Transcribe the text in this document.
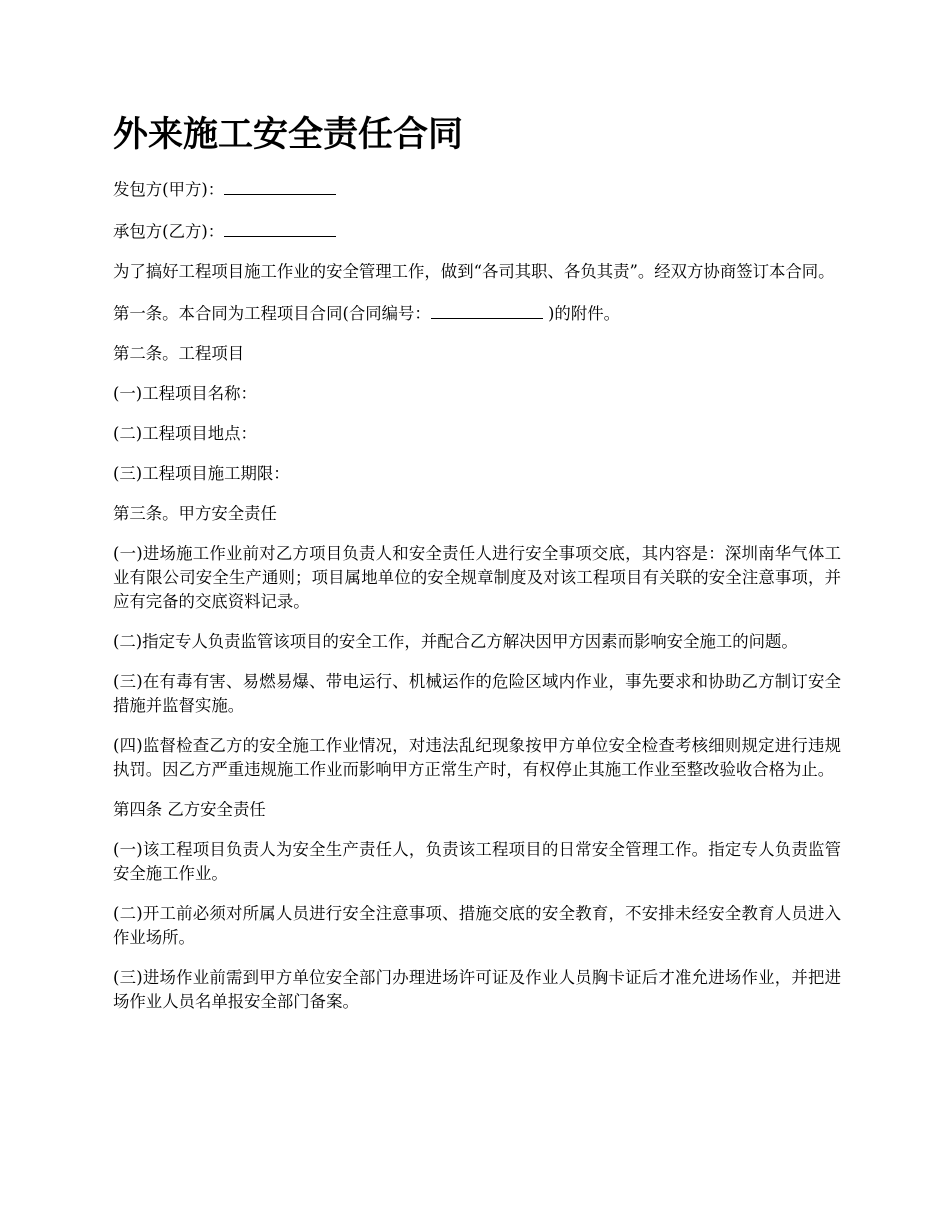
外来施工安全责任合同

发包方(甲方)：

承包方(乙方)：

为了搞好工程项目施工作业的安全管理工作，做到“各司其职、各负其责”。经双方协商签订本合同。

第一条。本合同为工程项目合同(合同编号：	)的附件。

第二条。工程项目

(一)工程项目名称：

(二)工程项目地点：

(三)工程项目施工期限：

第三条。甲方安全责任

(一)进场施工作业前对乙方项目负责人和安全责任人进行安全事项交底，其内容是：深圳南华气体工业有限公司安全生产通则；项目属地单位的安全规章制度及对该工程项目有关联的安全注意事项，并应有完备的交底资料记录。

(二)指定专人负责监管该项目的安全工作，并配合乙方解决因甲方因素而影响安全施工的问题。

(三)在有毒有害、易燃易爆、带电运行、机械运作的危险区域内作业，事先要求和协助乙方制订安全措施并监督实施。

(四)监督检查乙方的安全施工作业情况，对违法乱纪现象按甲方单位安全检查考核细则规定进行违规执罚。因乙方严重违规施工作业而影响甲方正常生产时，有权停止其施工作业至整改验收合格为止。

第四条 乙方安全责任

(一)该工程项目负责人为安全生产责任人，负责该工程项目的日常安全管理工作。指定专人负责监管安全施工作业。

(二)开工前必须对所属人员进行安全注意事项、措施交底的安全教育，不安排未经安全教育人员进入作业场所。

(三)进场作业前需到甲方单位安全部门办理进场许可证及作业人员胸卡证后才准允进场作业，并把进场作业人员名单报安全部门备案。
